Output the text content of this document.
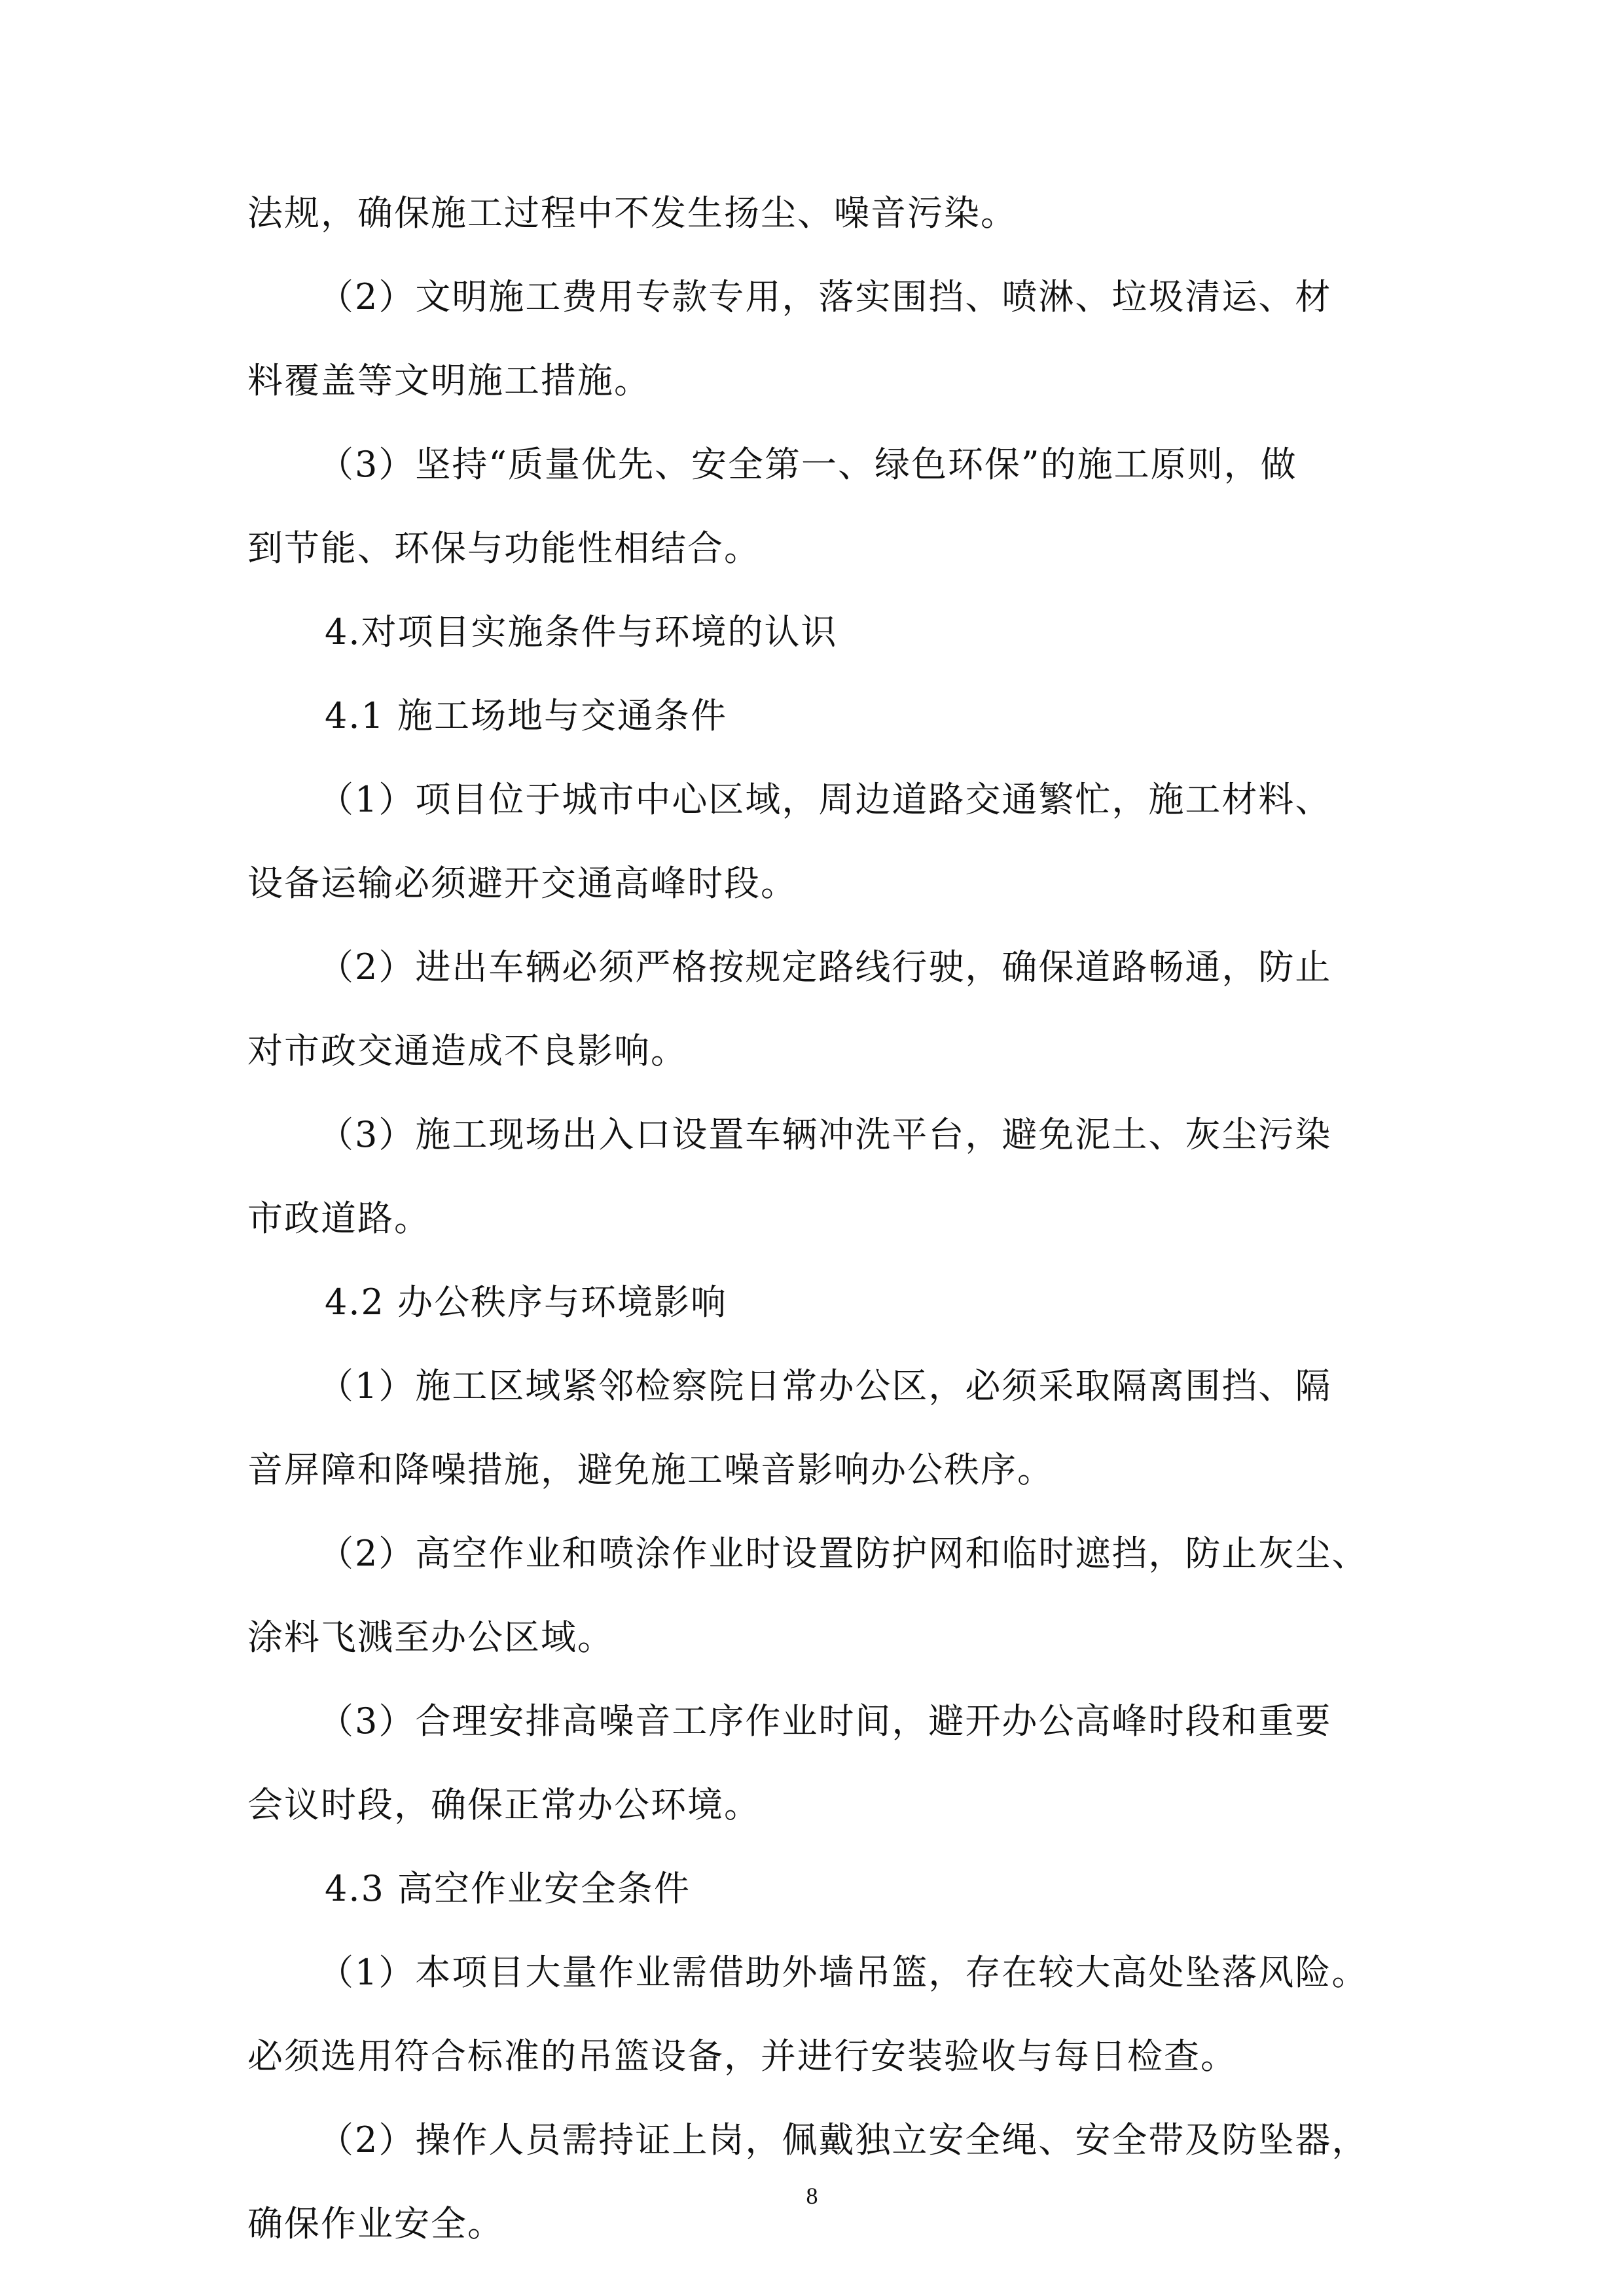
法规，确保施工过程中不发生扬尘、噪音污染。
（2）文明施工费用专款专用，落实围挡、喷淋、垃圾清运、材
料覆盖等文明施工措施。
（3）坚持“质量优先、安全第一、绿色环保”的施工原则，做
到节能、环保与功能性相结合。
4.对项目实施条件与环境的认识
4.1 施工场地与交通条件
（1）项目位于城市中心区域，周边道路交通繁忙，施工材料、
设备运输必须避开交通高峰时段。
（2）进出车辆必须严格按规定路线行驶，确保道路畅通，防止
对市政交通造成不良影响。
（3）施工现场出入口设置车辆冲洗平台，避免泥土、灰尘污染
市政道路。
4.2 办公秩序与环境影响
（1）施工区域紧邻检察院日常办公区，必须采取隔离围挡、隔
音屏障和降噪措施，避免施工噪音影响办公秩序。
（2）高空作业和喷涂作业时设置防护网和临时遮挡，防止灰尘、
涂料飞溅至办公区域。
（3）合理安排高噪音工序作业时间，避开办公高峰时段和重要
会议时段，确保正常办公环境。
4.3 高空作业安全条件
（1）本项目大量作业需借助外墙吊篮，存在较大高处坠落风险。
必须选用符合标准的吊篮设备，并进行安装验收与每日检查。
（2）操作人员需持证上岗，佩戴独立安全绳、安全带及防坠器，
确保作业安全。
8
